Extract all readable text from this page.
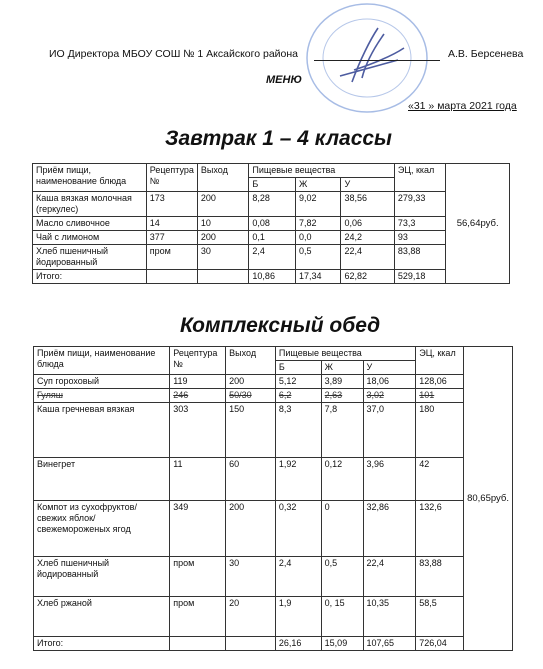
ИО Директора МБОУ СОШ № 1 Аксайского района	А.В. Берсенева
МЕНЮ
«31 » марта 2021 года
Завтрак 1 – 4 классы
Приём пищи, наименование блюда	Рецептура №	Выход	Пищевые вещества			ЭЦ, ккал	56,64руб.
			Б	Ж	У		
Каша вязкая молочная (геркулес)	173	200	8,28	9,02	38,56	279,33	
Масло сливочное	14	10	0,08	7,82	0,06	73,3	
Чай с лимоном	377	200	0,1	0,0	24,2	93	
Хлеб пшеничный йодированный	пром	30	2,4	0,5	22,4	83,88	
Итого:			10,86	17,34	62,82	529,18	
Комплексный обед
Приём пищи, наименование блюда	Рецептура №	Выход	Пищевые вещества			ЭЦ, ккал	80,65руб.
			Б	Ж	У		
Суп гороховый	119	200	5,12	3,89	18,06	128,06	
Гуляш	246	50/30	6,2	2,63	3,02	101	
Каша гречневая вязкая	303	150	8,3	7,8	37,0	180	
Винегрет	11	60	1,92	0,12	3,96	42	
Компот из сухофруктов/свежих яблок/свежемороженых ягод	349	200	0,32	0	32,86	132,6	
Хлеб пшеничный йодированный	пром	30	2,4	0,5	22,4	83,88	
Хлеб ржаной	пром	20	1,9	0, 15	10,35	58,5	
Итого:			26,16	15,09	107,65	726,04	
